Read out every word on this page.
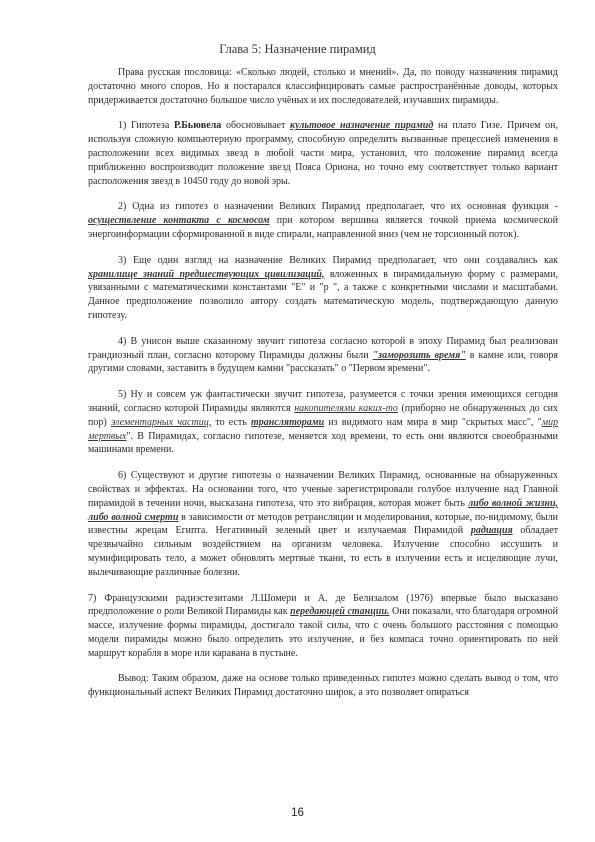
Глава 5: Назначение пирамид

Права русская пословица: «Сколько людей, столько и мнений». Да, по поводу назначения пирамид достаточно много споров. Но я постарался классифицировать самые распространённые доводы, которых придерживается достаточно большое число учёных и их последователей, изучавших пирамиды.

1) Гипотеза Р.Бьювела обосновывает культовое назначение пирамид на плато Гизе. Причем он, используя сложную компьютерную программу, способную определить вызванные прецессией изменения в расположении всех видимых звезд в любой части мира, установил, что положение пирамид всегда приближенно воспроизводит положение звезд Пояса Ориона, но точно ему соответствует только вариант расположения звезд в 10450 году до новой эры.

2) Одна из гипотез о назначении Великих Пирамид предполагает, что их основная функция - осуществление контакта с космосом при котором вершина является точкой приема космической энергоинформации сформированной в виде спирали, направленной вниз (чем не торсионный поток).

3) Еще один взгляд на назначение Великих Пирамид предполагает, что они создавались как хранилище знаний предшествующих цивилизаций, вложенных в пирамидальную форму с размерами, увязанными с математическими константами "Е" и "р ", а также с конкретными числами и масштабами. Данное предположение позволило автору создать математическую модель, подтверждающую данную гипотезу.

4) В унисон выше сказанному звучит гипотеза согласно которой в эпоху Пирамид был реализован грандиозный план, согласно которому Пирамиды должны были "заморозить время" в камне или, говоря другими словами, заставить в будущем камни "рассказать" о "Первом времени".

5) Ну и совсем уж фантастически звучит гипотеза, разумеется с точки зрения имеющихся сегодня знаний, согласно которой Пирамиды являются накопителями каких-то (приборно не обнаруженных до сих пор) элементарных частиц, то есть трансляторами из видимого нам мира в мир "скрытых масс", "мир мертвых". В Пирамидах, согласно гипотезе, меняется ход времени, то есть они являются своеобразными машинами времени.

6) Существуют и другие гипотезы о назначении Великих Пирамид, основанные на обнаруженных свойствах и эффектах. На основании того, что ученые зарегистрировали голубое излучение над Главной пирамидой в течении ночи, высказана гипотеза, что это вибрация, которая может быть либо волной жизни, либо волной смерти в зависимости от методов ретрансляции и моделирования, которые, по-видимому, были известны жрецам Египта. Негативный зеленый цвет и излучаемая Пирамидой радиация обладает чрезвычайно сильным воздействием на организм человека. Излучение способно иссушить и мумифицировать тело, а может обновлять мертвые ткани, то есть в излучении есть и исцеляющие лучи, вылечивающие различные болезни.

7) Французскими радиэстезитами Л.Шомери и А. де Белизалом (1976) впервые было высказано предположение о роли Великой Пирамиды как передающей станции. Они показали, что благодаря огромной массе, излучение формы пирамиды, достигало такой силы, что с очень большого расстояния с помощью модели пирамиды можно было определить это излучение, и без компаса точно ориентировать по ней маршрут корабля в море или каравана в пустыне.

Вывод: Таким образом, даже на основе только приведенных гипотез можно сделать вывод о том, что функциональный аспект Великих Пирамид достаточно широк, а это позволяет опираться

16
